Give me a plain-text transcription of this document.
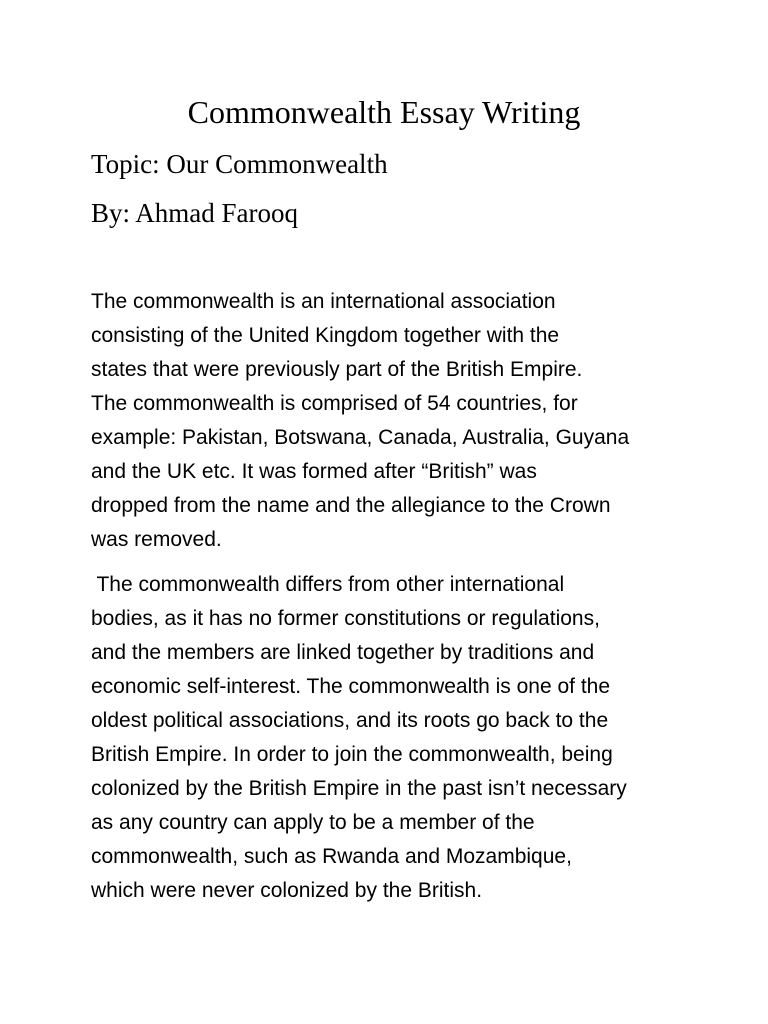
Commonwealth Essay Writing
Topic: Our Commonwealth
By: Ahmad Farooq
The commonwealth is an international association
consisting of the United Kingdom together with the
states that were previously part of the British Empire.
The commonwealth is comprised of 54 countries, for
example: Pakistan, Botswana, Canada, Australia, Guyana
and the UK etc. It was formed after “British” was
dropped from the name and the allegiance to the Crown
was removed.
The commonwealth differs from other international
bodies, as it has no former constitutions or regulations,
and the members are linked together by traditions and
economic self-interest. The commonwealth is one of the
oldest political associations, and its roots go back to the
British Empire. In order to join the commonwealth, being
colonized by the British Empire in the past isn’t necessary
as any country can apply to be a member of the
commonwealth, such as Rwanda and Mozambique,
which were never colonized by the British.
